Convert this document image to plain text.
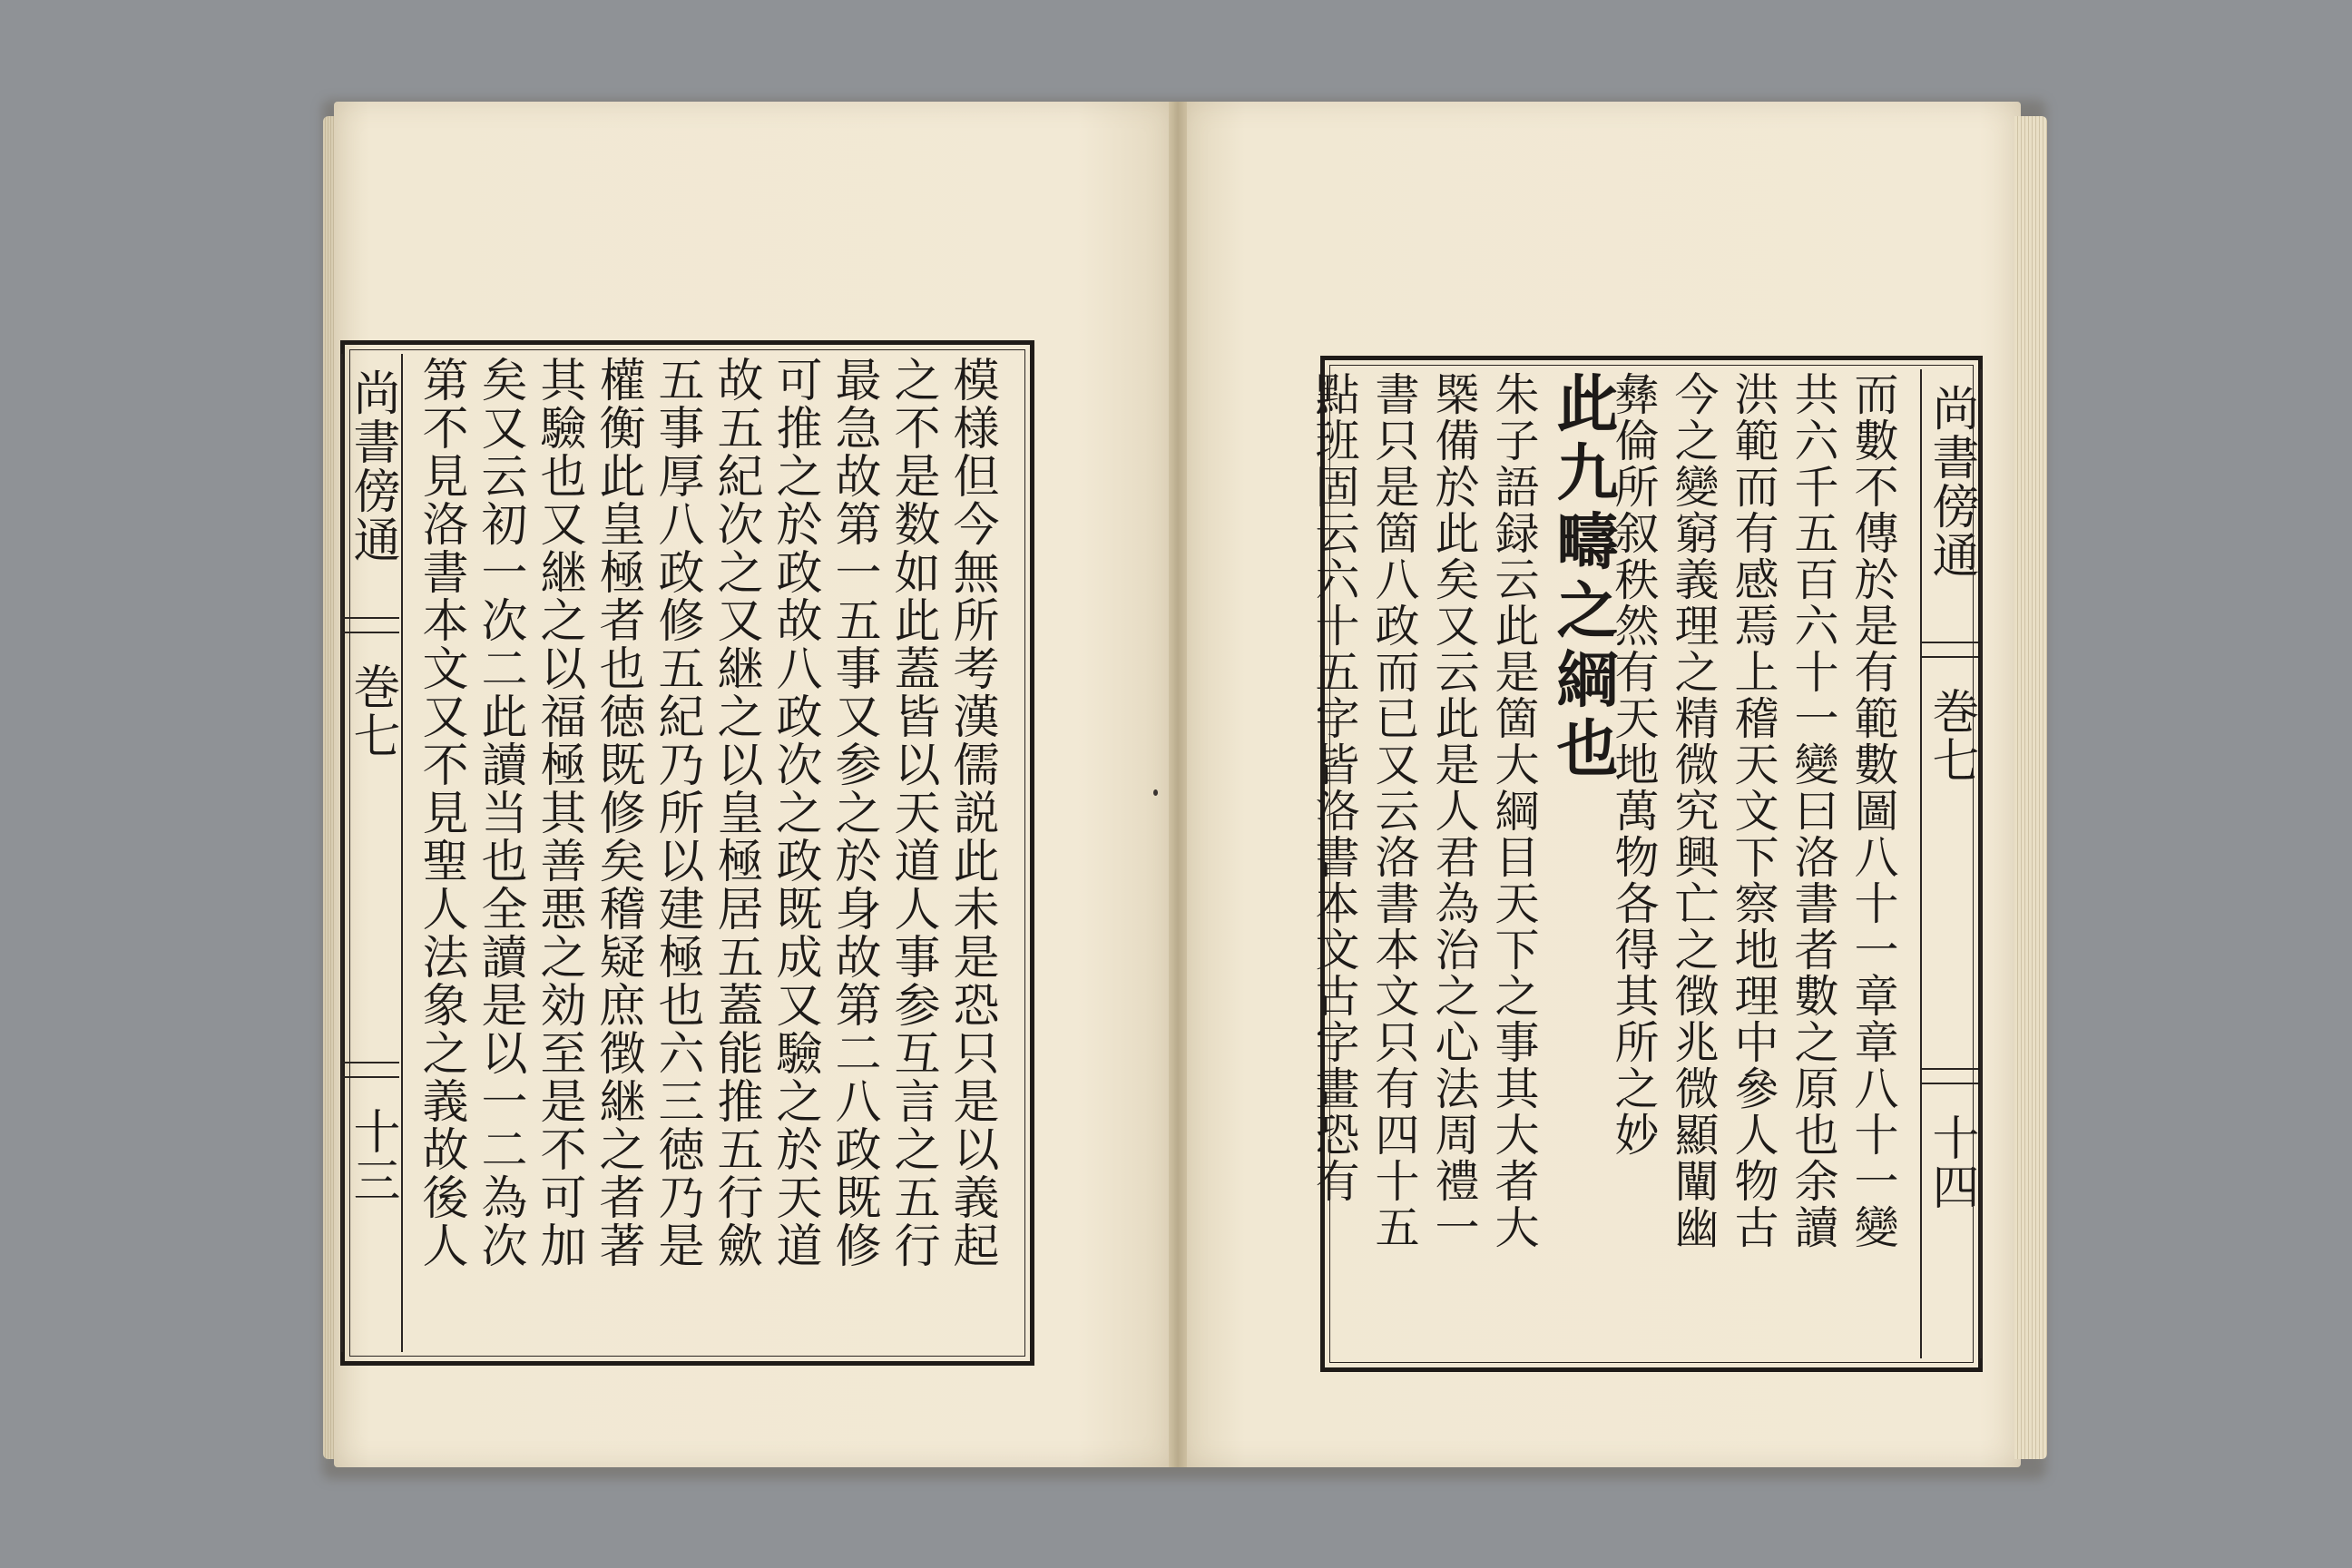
模様但今無所考漢儒説此未是恐只是以義起
之不是数如此蓋皆以天道人事参互言之五行
最急故第一五事又参之於身故第二八政既修
可推之於政故八政次之政既成又驗之於天道
故五紀次之又継之以皇極居五蓋能推五行歛
五事厚八政修五紀乃所以建極也六三徳乃是
權衡此皇極者也徳既修矣稽疑庶徴継之者著
其驗也又継之以福極其善悪之効至是不可加
矣又云初一次二此讀当也全讀是以一二為次
第不見洛書本文又不見聖人法象之義故後人
尚書傍通
巻七
十三	而數不傳於是有範數圖八十一章章八十一變
共六千五百六十一變曰洛書者數之原也余讀
洪範而有感焉上稽天文下察地理中參人物古
今之變窮義理之精微究興亡之徴兆微顯闡幽
彝倫所叙秩然有天地萬物各得其所之妙
此九疇之綱也
朱子語録云此是箇大綱目天下之事其大者大
槩備於此矣又云此是人君為治之心法周禮一
書只是箇八政而已又云洛書本文只有四十五
點班固云六十五字皆洛書本文古字畫恐有	尚書傍通
巻七
十四
